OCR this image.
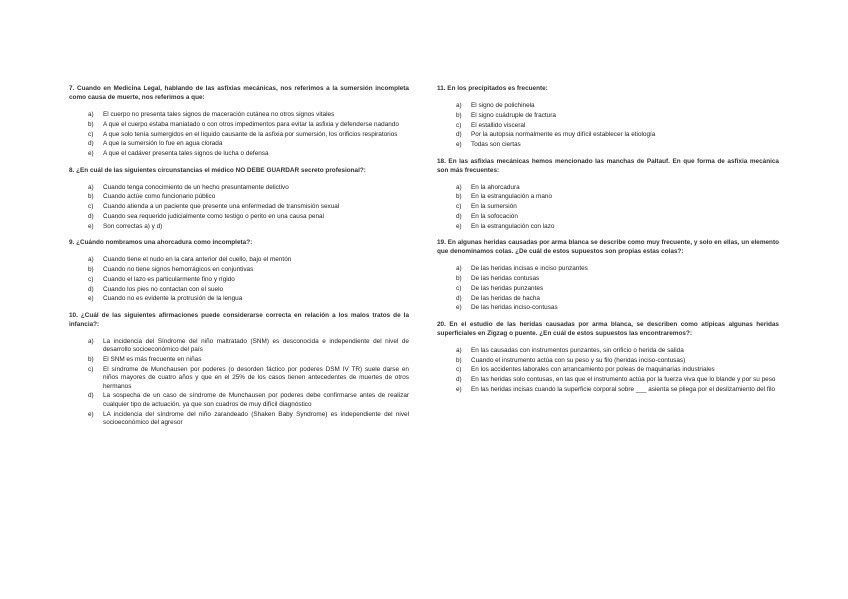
7. Cuando en Medicina Legal, hablando de las asfixias mecánicas, nos referimos a la sumersión incompleta como causa de muerte, nos referimos a que:

a)	El cuerpo no presenta tales signos de maceración cutánea no otros signos vitales
b)	A que el cuerpo estaba maniatado o con otros impedimentos para evitar la asfixia y defenderse nadando
c)	A que solo tenía sumergidos en el líquido causante de la asfixia por sumersión, los orificios respiratorios
d)	A que la sumersión lo fue en agua clorada
e)	A que el cadáver presenta tales signos de lucha o defensa

8. ¿En cuál de las siguientes circunstancias el médico NO DEBE GUARDAR secreto profesional?:

a)	Cuando tenga conocimiento de un hecho presuntamente delictivo
b)	Cuando actúe como funcionario público
c)	Cuando atienda a un paciente que presente una enfermedad de transmisión sexual
d)	Cuando sea requerido judicialmente como testigo o perito en una causa penal
e)	Son correctas a) y d)

9. ¿Cuándo nombramos una ahorcadura como incompleta?:

a)	Cuando tiene el nudo en la cara anterior del cuello, bajo el mentón
b)	Cuando no tiene signos hemorrágicos en conjuntivas
c)	Cuando el lazo es particularmente fino y rígido
d)	Cuando los pies no contactan con el suelo
e)	Cuando no es evidente la protrusión de la lengua

10. ¿Cuál de las siguientes afirmaciones puede considerarse correcta en relación a los malos tratos de la infancia?:

a)	La incidencia del Síndrome del niño maltratado (SNM) es desconocida e independiente del nivel de desarrollo socioeconómico del país
b)	El SNM es más frecuente en niñas
c)	El síndrome de Munchausen por poderes (o desorden fáctico por poderes DSM IV TR) suele darse en niños mayores de cuatro años y que en el 25% de los casos tienen antecedentes de muertes de otros hermanos
d)	La sospecha de un caso de síndrome de Munchausen por poderes debe confirmarse antes de realizar cualquier tipo de actuación, ya que son cuadros de muy difícil diagnóstico
e)	LA incidencia del síndrome del niño zarandeado (Shaken Baby Syndrome) es independiente del nivel socioeconómico del agresor

11. En los precipitados es frecuente:

a)	El signo de polichinela
b)	El signo cuádruple de fractura
c)	El estallido visceral
d)	Por la autopsia normalmente es muy difícil establecer la etiología
e)	Todas son ciertas

18. En las asfixias mecánicas hemos mencionado las manchas de Paltauf. En que forma de asfixia mecánica son más frecuentes:

a)	En la ahorcadura
b)	En la estrangulación a mano
c)	En la sumersión
d)	En la sofocación
e)	En la estrangulación con lazo

19. En algunas heridas causadas por arma blanca se describe como muy frecuente, y solo en ellas, un elemento que denominamos colas. ¿De cuál de estos supuestos son propias estas colas?:

a)	De las heridas incisas e inciso punzantes
b)	De las heridas contusas
c)	De las heridas punzantes
d)	De las heridas de hacha
e)	De las heridas inciso-contusas

20. En el estudio de las heridas causadas por arma blanca, se describen como atípicas algunas heridas superficiales en Zigzag o puente. ¿En cuál de estos supuestos las encontraremos?:

a)	En las causadas con instrumentos punzantes, sin orificio o herida de salida
b)	Cuando el instrumento actúa con su peso y su filo (heridas inciso-contusas)
c)	En los accidentes laborales con arrancamiento por poleas de maquinarias industriales
d)	En las heridas solo contusas, en las que el instrumento actúa por la fuerza viva que lo blande y por su peso
e)	En las heridas incisas cuando la superficie corporal sobre ___ asienta se pliega por el deslizamiento del filo
